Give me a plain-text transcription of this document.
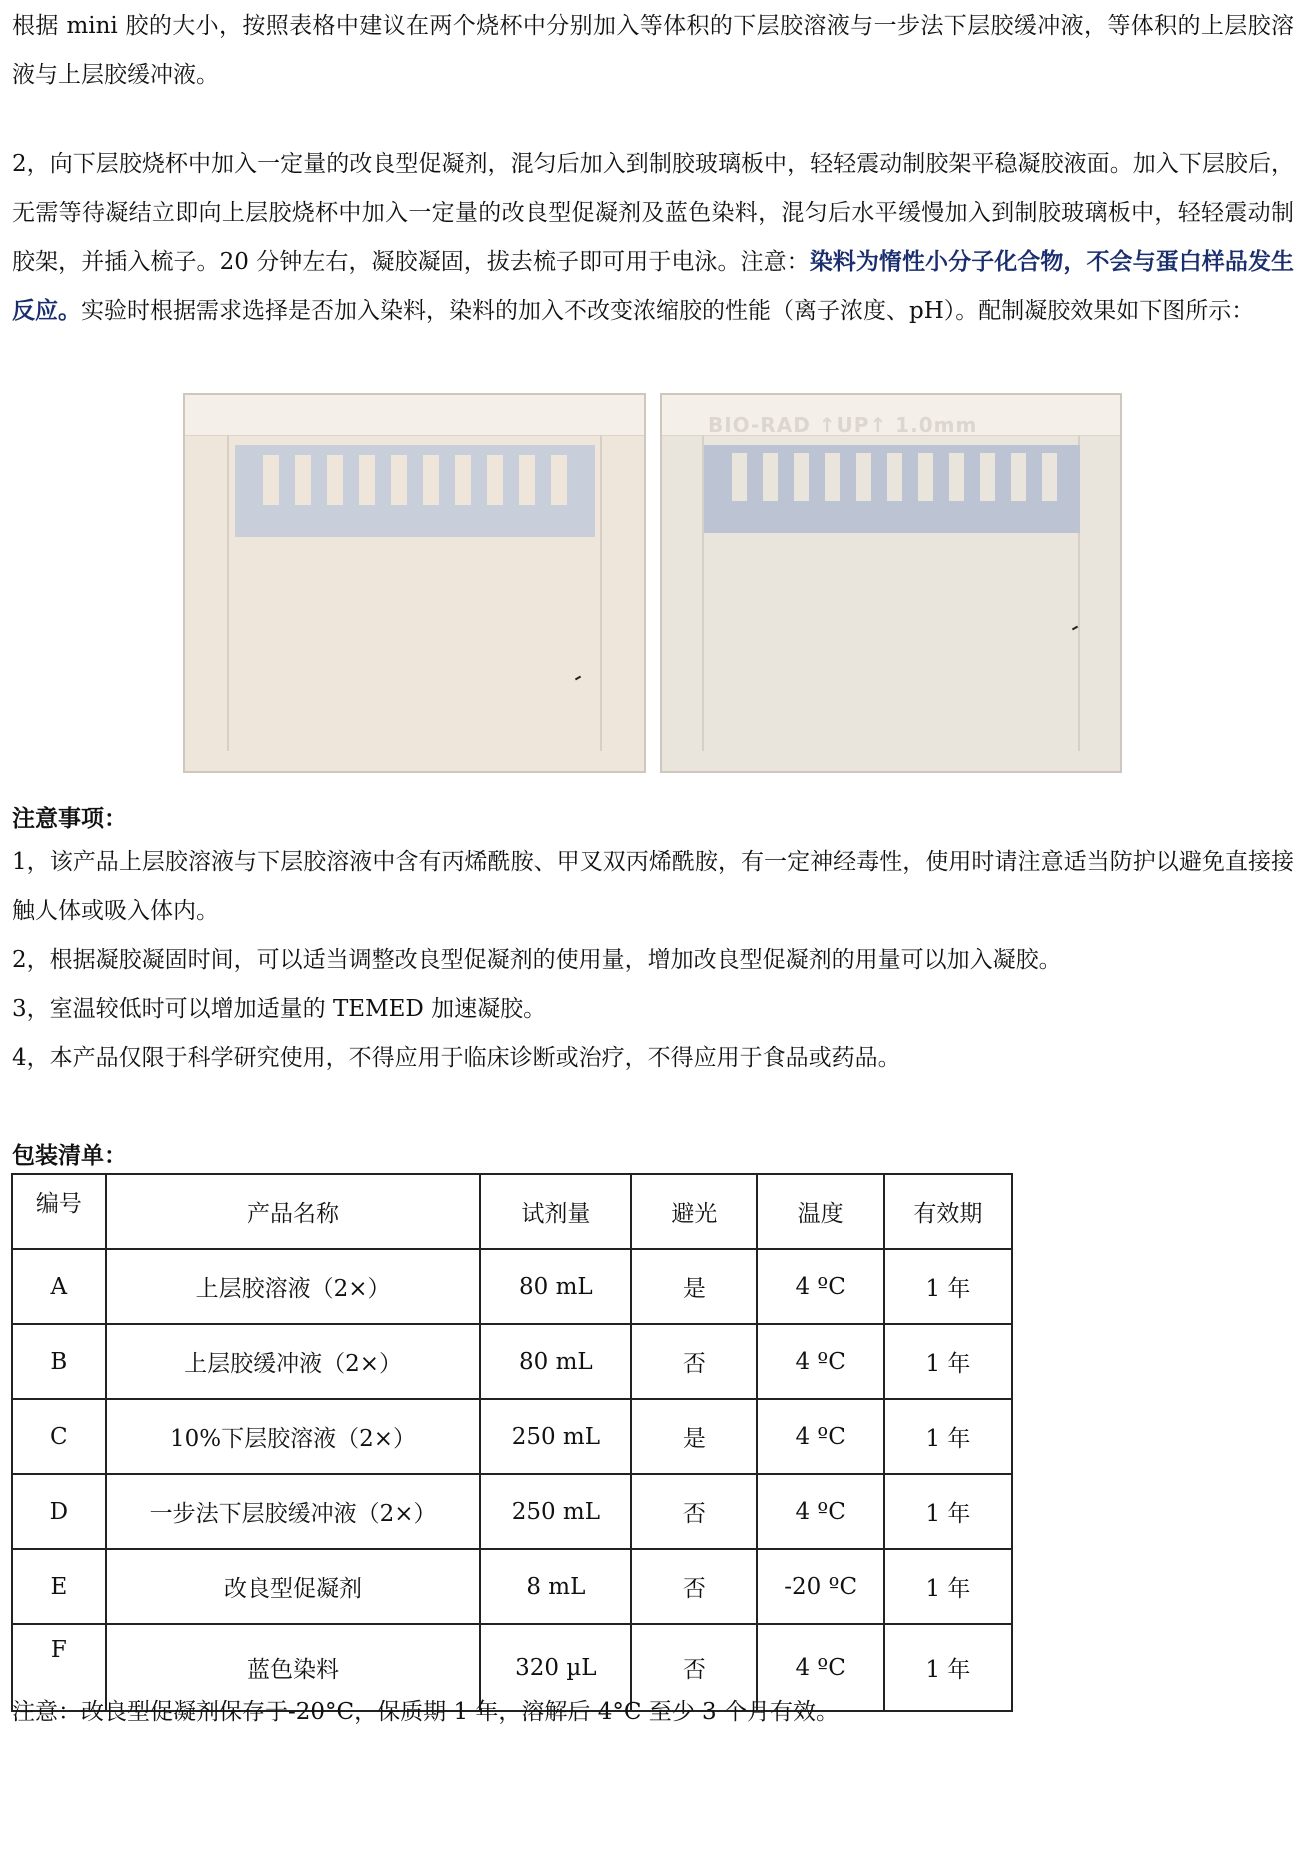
根据 mini 胶的大小，按照表格中建议在两个烧杯中分别加入等体积的下层胶溶液与一步法下层胶缓冲液，等体积的上层胶溶液与上层胶缓冲液。

2，向下层胶烧杯中加入一定量的改良型促凝剂，混匀后加入到制胶玻璃板中，轻轻震动制胶架平稳凝胶液面。加入下层胶后，无需等待凝结立即向上层胶烧杯中加入一定量的改良型促凝剂及蓝色染料，混匀后水平缓慢加入到制胶玻璃板中，轻轻震动制胶架，并插入梳子。20 分钟左右，凝胶凝固，拔去梳子即可用于电泳。注意：染料为惰性小分子化合物，不会与蛋白样品发生反应。实验时根据需求选择是否加入染料，染料的加入不改变浓缩胶的性能（离子浓度、pH）。配制凝胶效果如下图所示：

BIO-RAD ↑UP↑ 1.0mm

注意事项：

1，该产品上层胶溶液与下层胶溶液中含有丙烯酰胺、甲叉双丙烯酰胺，有一定神经毒性，使用时请注意适当防护以避免直接接触人体或吸入体内。

2，根据凝胶凝固时间，可以适当调整改良型促凝剂的使用量，增加改良型促凝剂的用量可以加入凝胶。

3，室温较低时可以增加适量的 TEMED 加速凝胶。

4，本产品仅限于科学研究使用，不得应用于临床诊断或治疗，不得应用于食品或药品。

包装清单：

编号	产品名称	试剂量	避光	温度	有效期
A	上层胶溶液（2×）	80 mL	是	4 ºC	1 年
B	上层胶缓冲液（2×）	80 mL	否	4 ºC	1 年
C	10%下层胶溶液（2×）	250 mL	是	4 ºC	1 年
D	一步法下层胶缓冲液（2×）	250 mL	否	4 ºC	1 年
E	改良型促凝剂	8 mL	否	-20 ºC	1 年
F	蓝色染料	320 µL	否	4 ºC	1 年

注意：改良型促凝剂保存于-20°C，保质期 1 年，溶解后 4°C 至少 3 个月有效。
